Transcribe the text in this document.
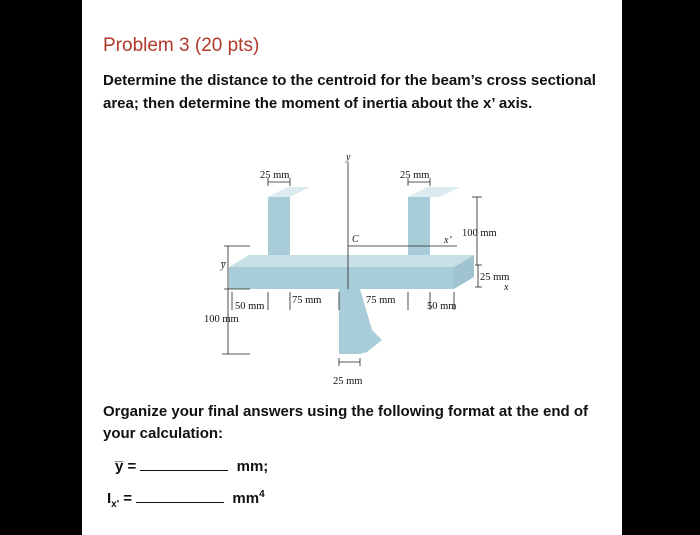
Problem 3 (20 pts)
Determine the distance to the centroid for the beam’s cross sectional area; then determine the moment of inertia about the x’ axis.
25 mm	25 mm
y
C	x’
y̅
100 mm
25 mm
x
50 mm
75 mm	75 mm
50 mm
100 mm
25 mm
Organize your final answers using the following format at the end of your calculation:
y̅ =	mm;
$I_{x'}$ =	$mm^4$
